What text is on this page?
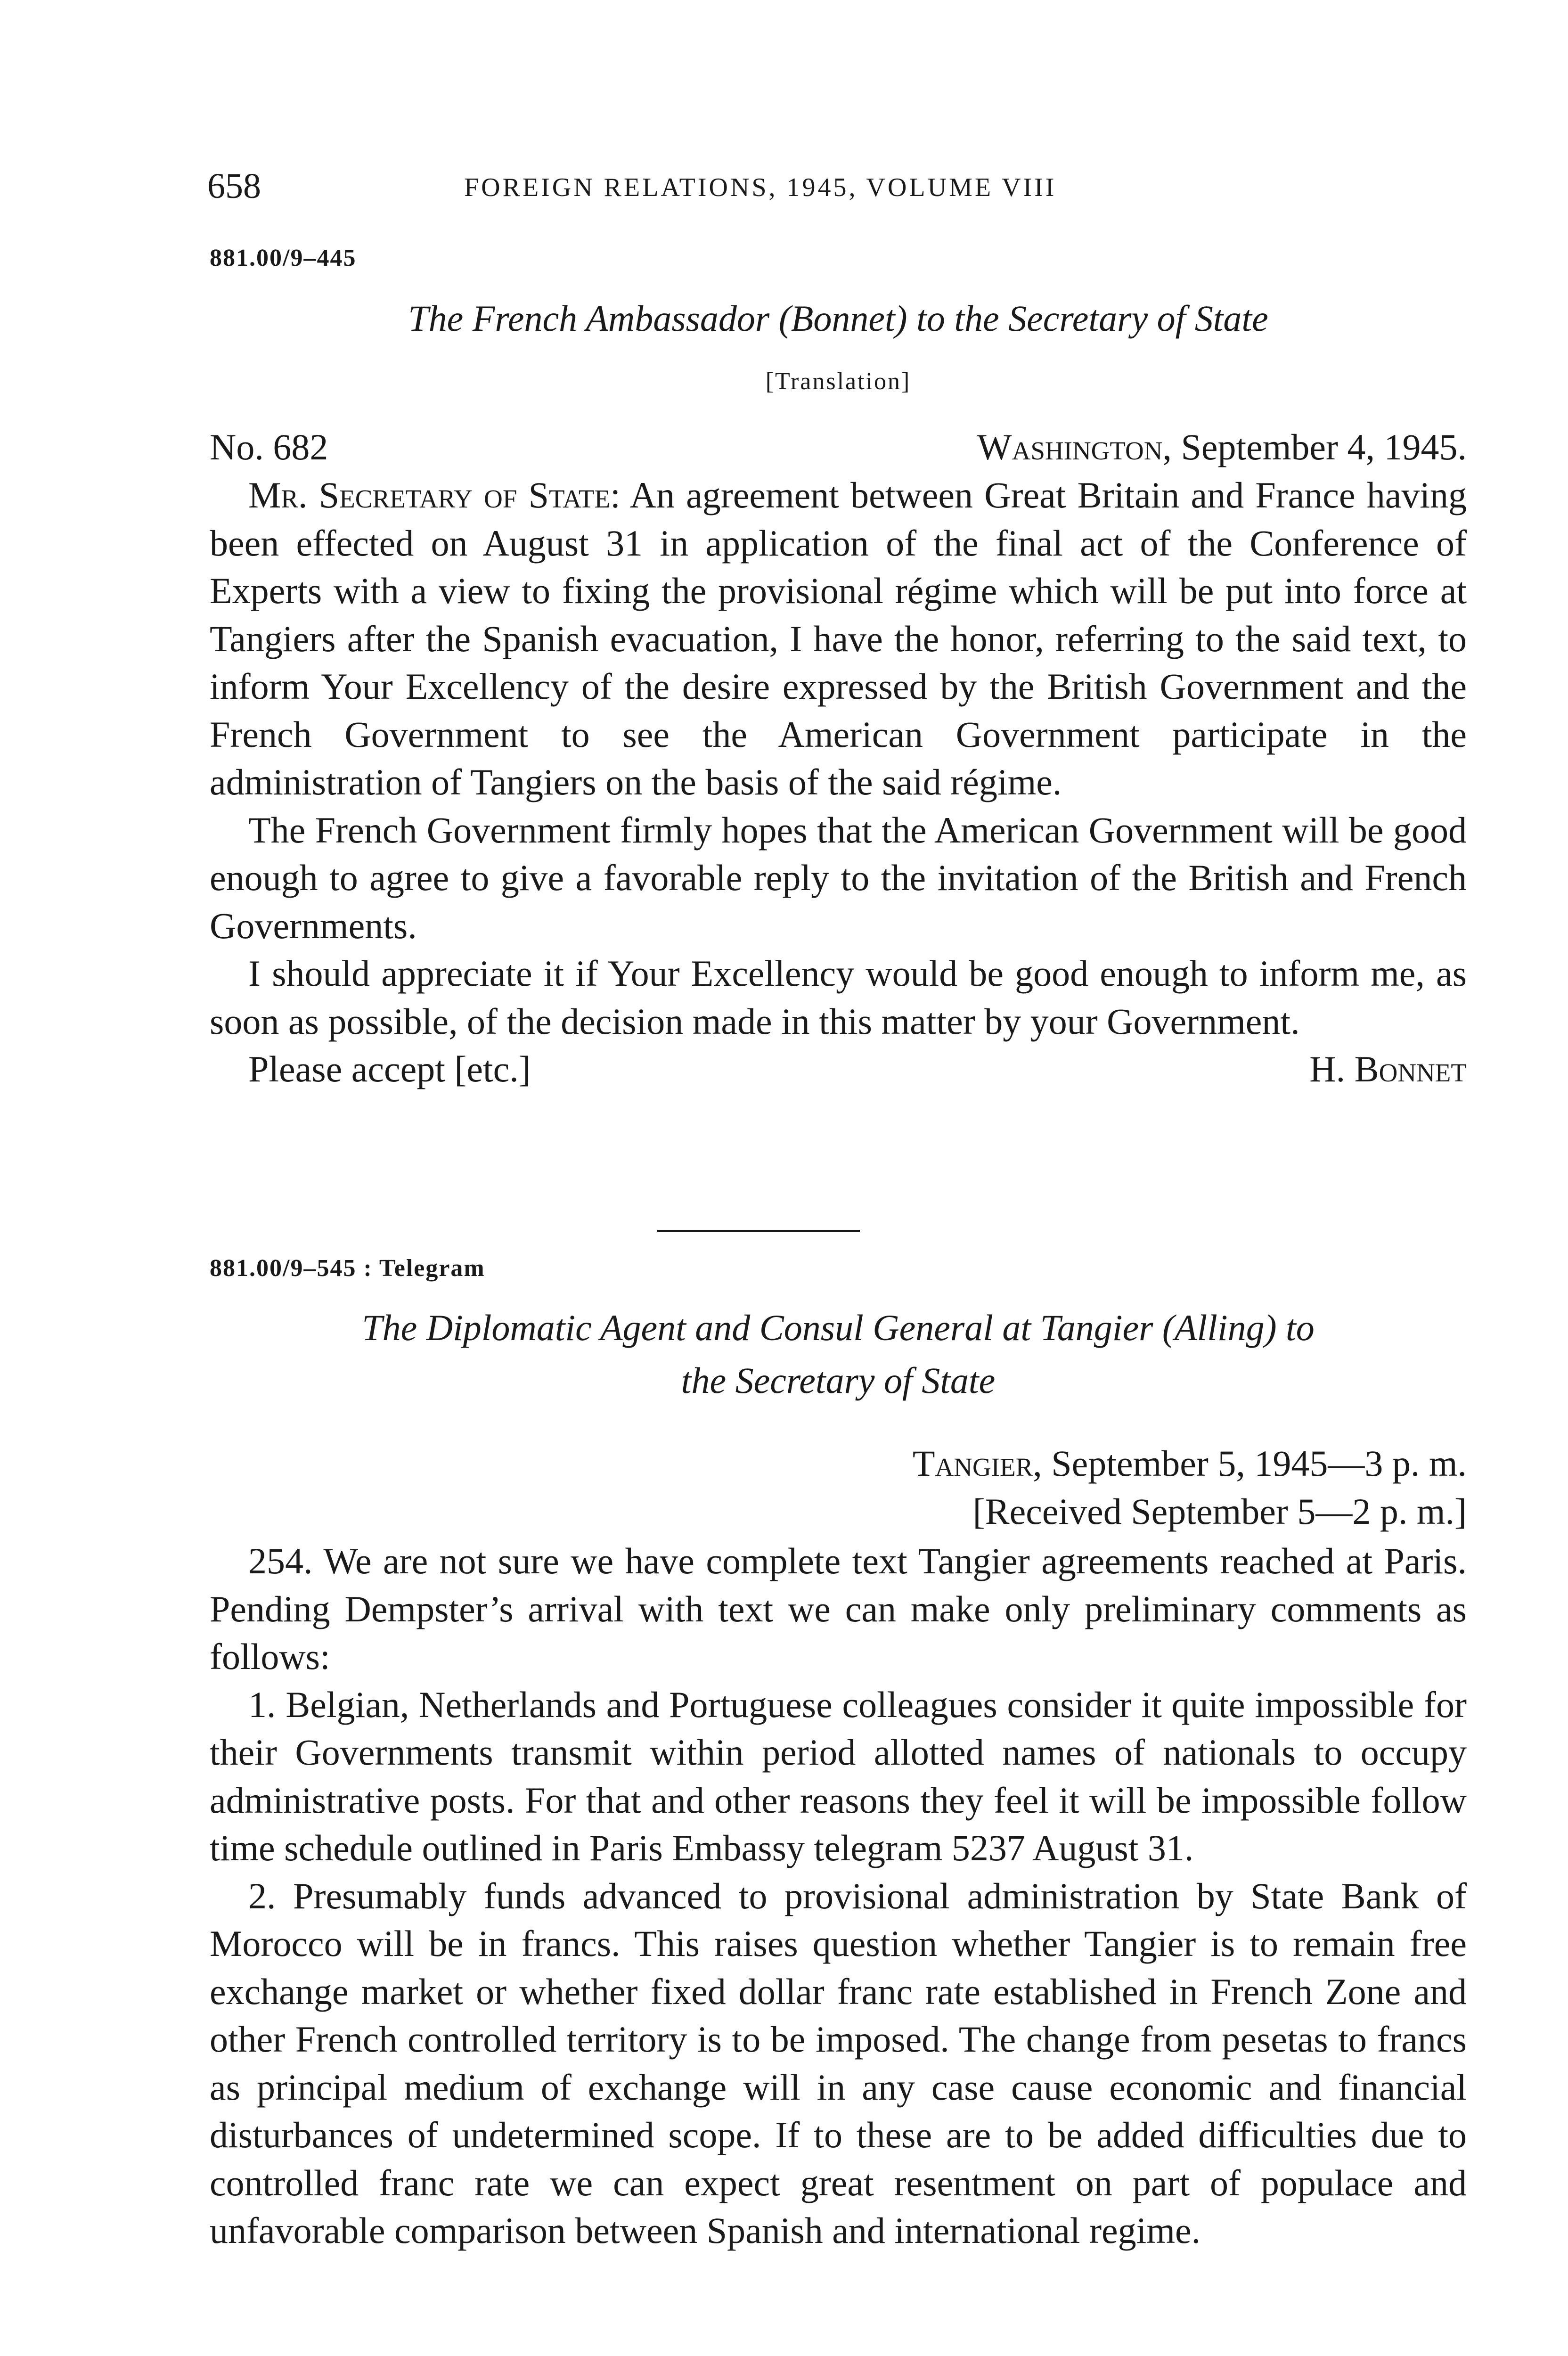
658	FOREIGN RELATIONS, 1945, VOLUME VIII
881.00/9–445
The French Ambassador (Bonnet) to the Secretary of State
[Translation]
No. 682	Washington, September 4, 1945.

Mr. Secretary of State: An agreement between Great Britain and France having been effected on August 31 in application of the final act of the Conference of Experts with a view to fixing the provisional régime which will be put into force at Tangiers after the Spanish evacuation, I have the honor, referring to the said text, to inform Your Excellency of the desire expressed by the British Government and the French Government to see the American Government participate in the administration of Tangiers on the basis of the said régime.

The French Government firmly hopes that the American Government will be good enough to agree to give a favorable reply to the invitation of the British and French Governments.

I should appreciate it if Your Excellency would be good enough to inform me, as soon as possible, of the decision made in this matter by your Government.

Please accept [etc.]	H. Bonnet
881.00/9–545 : Telegram
The Diplomatic Agent and Consul General at Tangier (Alling) to
the Secretary of State
Tangier, September 5, 1945—3 p. m.
[Received September 5—2 p. m.]

254. We are not sure we have complete text Tangier agreements reached at Paris. Pending Dempster’s arrival with text we can make only preliminary comments as follows:

1. Belgian, Netherlands and Portuguese colleagues consider it quite impossible for their Governments transmit within period allotted names of nationals to occupy administrative posts. For that and other reasons they feel it will be impossible follow time schedule outlined in Paris Embassy telegram 5237 August 31.

2. Presumably funds advanced to provisional administration by State Bank of Morocco will be in francs. This raises question whether Tangier is to remain free exchange market or whether fixed dollar franc rate established in French Zone and other French controlled territory is to be imposed. The change from pesetas to francs as principal medium of exchange will in any case cause economic and financial disturbances of undetermined scope. If to these are to be added difficulties due to controlled franc rate we can expect great resentment on part of populace and unfavorable comparison between Spanish and international regime.
